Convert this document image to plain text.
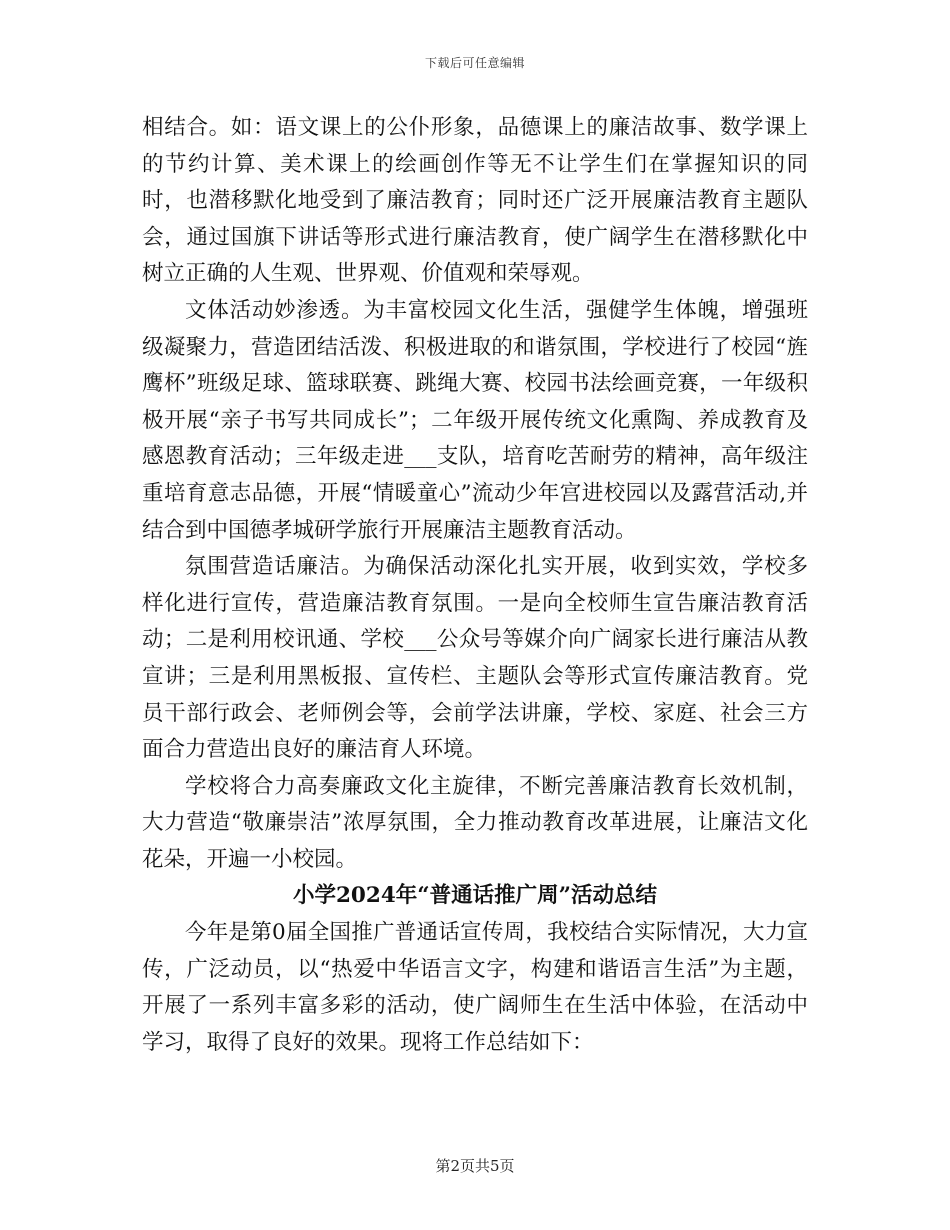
下载后可任意编辑

相结合。如：语文课上的公仆形象，品德课上的廉洁故事、数学课上的节约计算、美术课上的绘画创作等无不让学生们在掌握知识的同时，也潜移默化地受到了廉洁教育；同时还广泛开展廉洁教育主题队会，通过国旗下讲话等形式进行廉洁教育，使广阔学生在潜移默化中树立正确的人生观、世界观、价值观和荣辱观。

文体活动妙渗透。为丰富校园文化生活，强健学生体魄，增强班级凝聚力，营造团结活泼、积极进取的和谐氛围，学校进行了校园“旌鹰杯”班级足球、篮球联赛、跳绳大赛、校园书法绘画竞赛，一年级积极开展“亲子书写共同成长”；二年级开展传统文化熏陶、养成教育及感恩教育活动；三年级走进___支队，培育吃苦耐劳的精神，高年级注重培育意志品德，开展“情暖童心”流动少年宫进校园以及露营活动,并结合到中国德孝城研学旅行开展廉洁主题教育活动。

氛围营造话廉洁。为确保活动深化扎实开展，收到实效，学校多样化进行宣传，营造廉洁教育氛围。一是向全校师生宣告廉洁教育活动；二是利用校讯通、学校___公众号等媒介向广阔家长进行廉洁从教宣讲；三是利用黑板报、宣传栏、主题队会等形式宣传廉洁教育。党员干部行政会、老师例会等，会前学法讲廉，学校、家庭、社会三方面合力营造出良好的廉洁育人环境。

学校将合力高奏廉政文化主旋律，不断完善廉洁教育长效机制，大力营造“敬廉崇洁”浓厚氛围，全力推动教育改革进展，让廉洁文化花朵，开遍一小校园。

小学2024年“普通话推广周”活动总结

今年是第0届全国推广普通话宣传周，我校结合实际情况，大力宣传，广泛动员，以“热爱中华语言文字，构建和谐语言生活”为主题，开展了一系列丰富多彩的活动，使广阔师生在生活中体验，在活动中学习，取得了良好的效果。现将工作总结如下：

第2页共5页
